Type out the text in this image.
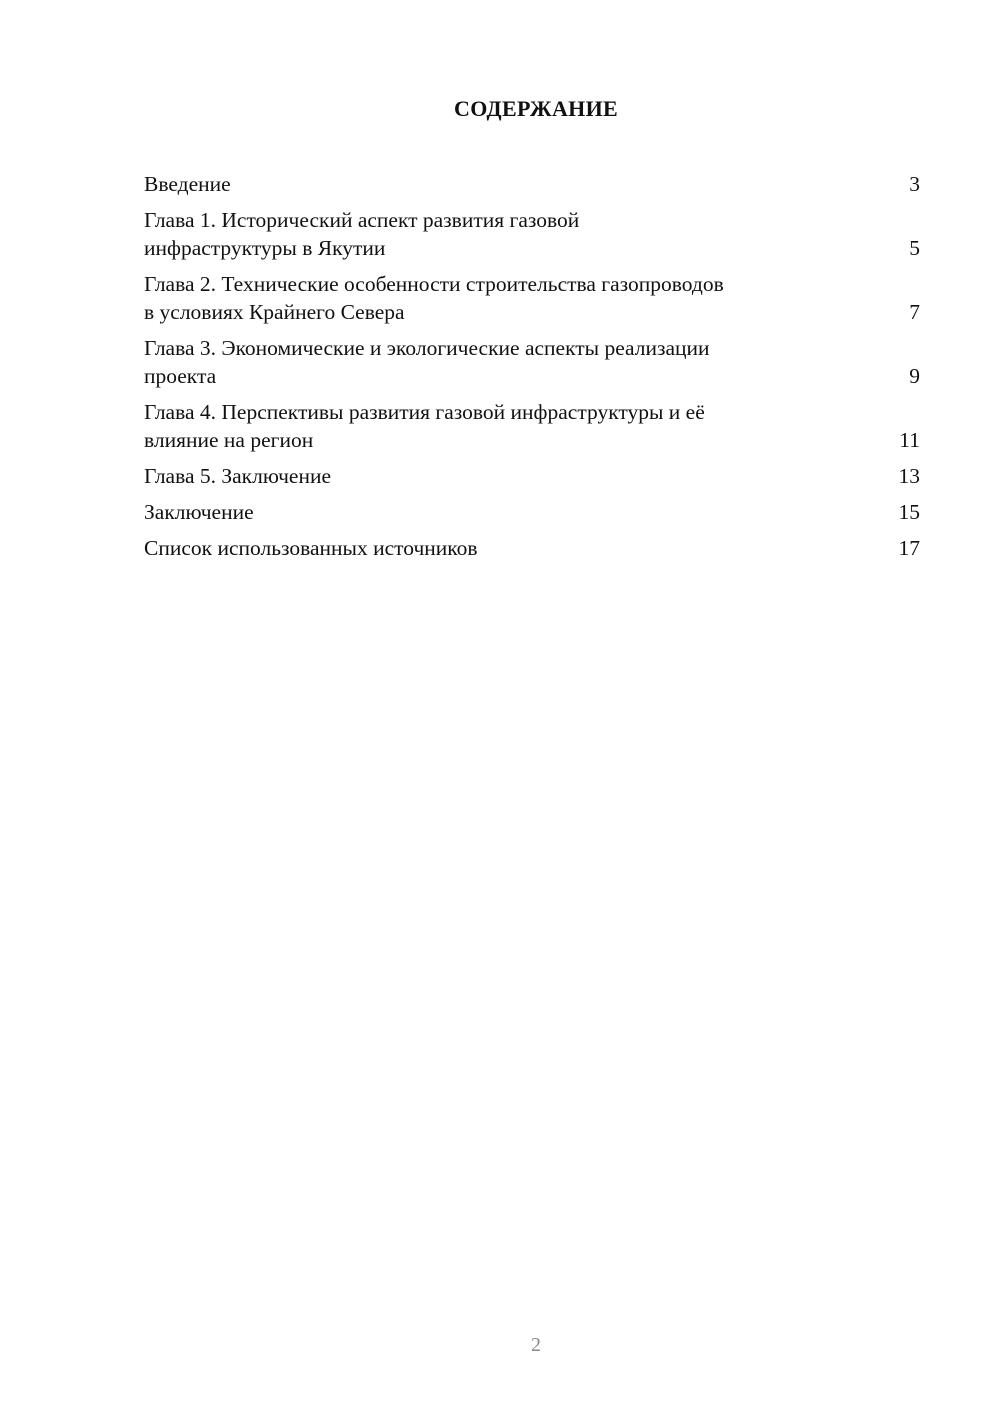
СОДЕРЖАНИЕ
Введение	3
Глава 1. Исторический аспект развития газовой
инфраструктуры в Якутии	5
Глава 2. Технические особенности строительства газопроводов
в условиях Крайнего Севера	7
Глава 3. Экономические и экологические аспекты реализации
проекта	9
Глава 4. Перспективы развития газовой инфраструктуры и её
влияние на регион	11
Глава 5. Заключение	13
Заключение	15
Список использованных источников	17
2
